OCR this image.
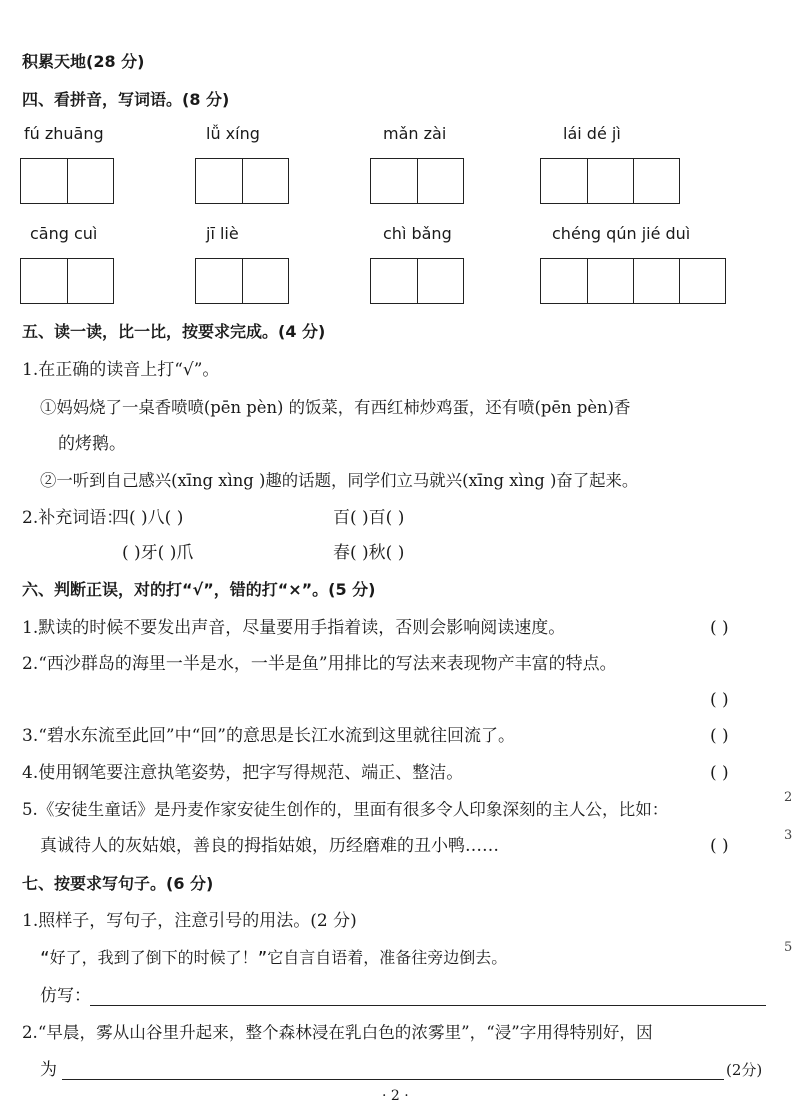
积累天地(28 分)
四、看拼音，写词语。(8 分)
fú zhuāng	lǚ xíng	mǎn zài	lái dé jì
cāng cuì	jī liè	chì bǎng	chéng qún jié duì
五、读一读，比一比，按要求完成。(4 分)
1.在正确的读音上打“√”。
①妈妈烧了一桌香喷喷(pēn pèn) 的饭菜，有西红柿炒鸡蛋，还有喷(pēn pèn)香
的烤鹅。
②一听到自己感兴(xīng xìng )趣的话题，同学们立马就兴(xīng xìng )奋了起来。
2.补充词语：
四( )八( )	百( )百( )
( )牙( )爪	春( )秋( )
六、判断正误，对的打“√”，错的打“×”。(5 分)
1.默读的时候不要发出声音，尽量要用手指着读，否则会影响阅读速度。	( )
2.“西沙群岛的海里一半是水，一半是鱼”用排比的写法来表现物产丰富的特点。
( )
3.“碧水东流至此回”中“回”的意思是长江水流到这里就往回流了。	( )
4.使用钢笔要注意执笔姿势，把字写得规范、端正、整洁。	( )
5.《安徒生童话》是丹麦作家安徒生创作的，里面有很多令人印象深刻的主人公，比如：
真诚待人的灰姑娘，善良的拇指姑娘，历经磨难的丑小鸭……	( )
七、按要求写句子。(6 分)
1.照样子，写句子，注意引号的用法。(2 分)
“好了，我到了倒下的时候了！”它自言自语着，准备往旁边倒去。
仿写：
2.“早晨，雾从山谷里升起来，整个森林浸在乳白色的浓雾里”，“浸”字用得特别好，因
为	(2分)
· 2 ·
2
3
5
